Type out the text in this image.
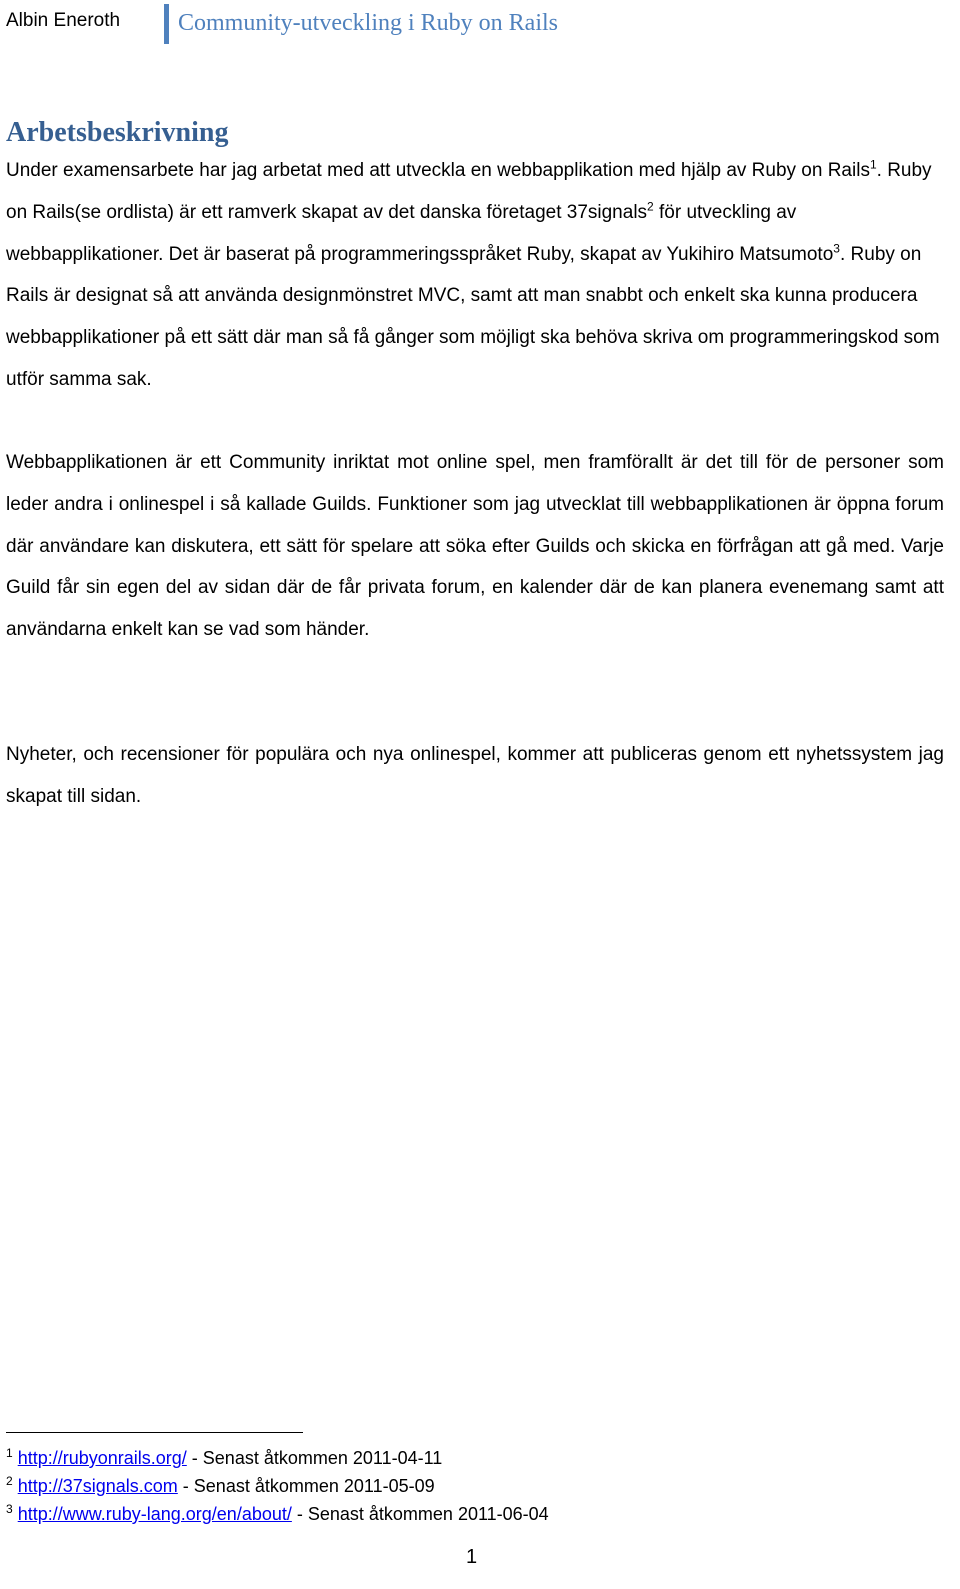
Albin Eneroth Community-utveckling i Ruby on Rails
Arbetsbeskrivning

Under examensarbete har jag arbetat med att utveckla en webbapplikation med hjälp av Ruby on Rails$^1$. Ruby on Rails(se ordlista) är ett ramverk skapat av det danska företaget 37signals$^2$ för utveckling av webbapplikationer. Det är baserat på programmeringsspråket Ruby, skapat av Yukihiro Matsumoto$^3$. Ruby on Rails är designat så att använda designmönstret MVC, samt att man snabbt och enkelt ska kunna producera webbapplikationer på ett sätt där man så få gånger som möjligt ska behöva skriva om programmeringskod som utför samma sak.

Webbapplikationen är ett Community inriktat mot online spel, men framförallt är det till för de personer som leder andra i onlinespel i så kallade Guilds. Funktioner som jag utvecklat till webbapplikationen är öppna forum där användare kan diskutera, ett sätt för spelare att söka efter Guilds och skicka en förfrågan att gå med. Varje Guild får sin egen del av sidan där de får privata forum, en kalender där de kan planera evenemang samt att användarna enkelt kan se vad som händer.

Nyheter, och recensioner för populära och nya onlinespel, kommer att publiceras genom ett nyhetssystem jag skapat till sidan.

$^1$ http://rubyonrails.org/ - Senast åtkommen 2011-04-11
$^2$ http://37signals.com - Senast åtkommen 2011-05-09
$^3$ http://www.ruby-lang.org/en/about/ - Senast åtkommen 2011-06-04
1
